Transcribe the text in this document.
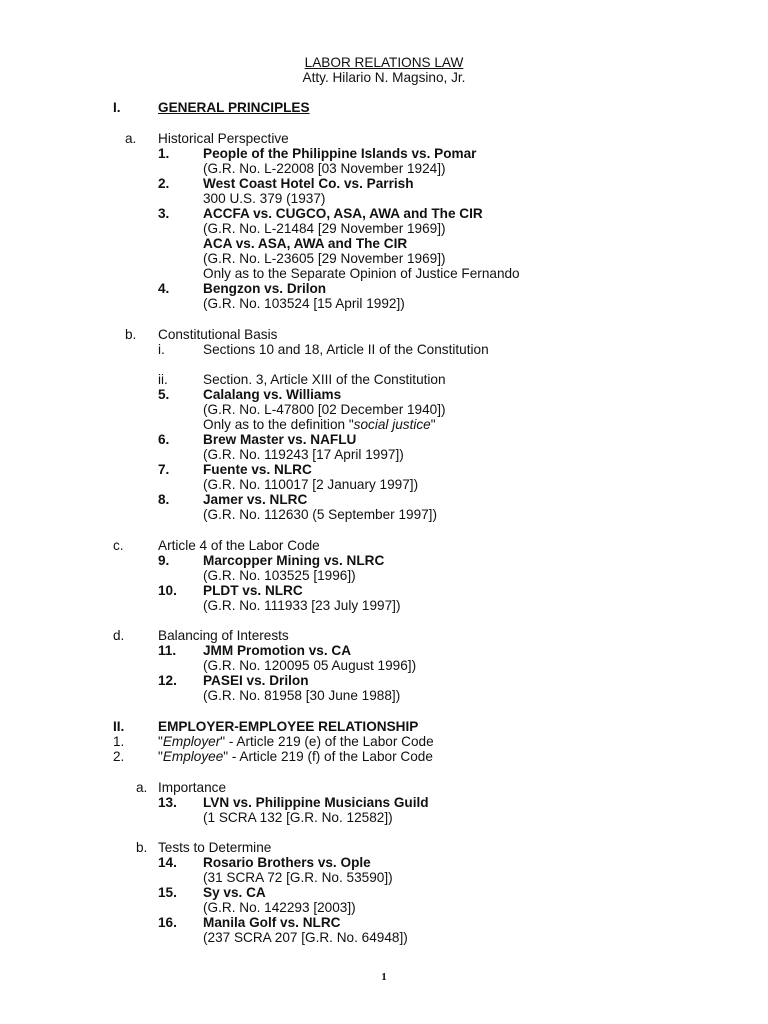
LABOR RELATIONS LAW
Atty. Hilario N. Magsino, Jr.
I.	GENERAL PRINCIPLES
a. Historical Perspective
1. People of the Philippine Islands vs. Pomar
(G.R. No. L-22008 [03 November 1924])
2. West Coast Hotel Co. vs. Parrish
300 U.S. 379 (1937)
3. ACCFA vs. CUGCO, ASA, AWA and The CIR
(G.R. No. L-21484 [29 November 1969])
ACA vs. ASA, AWA and The CIR
(G.R. No. L-23605 [29 November 1969])
Only as to the Separate Opinion of Justice Fernando
4. Bengzon vs. Drilon
(G.R. No. 103524 [15 April 1992])
b. Constitutional Basis
i.	Sections 10 and 18, Article II of the Constitution
ii.	Section. 3, Article XIII of the Constitution
5. Calalang vs. Williams
(G.R. No. L-47800 [02 December 1940])
Only as to the definition "social justice"
6. Brew Master vs. NAFLU
(G.R. No. 119243 [17 April 1997])
7. Fuente vs. NLRC
(G.R. No. 110017 [2 January 1997])
8. Jamer vs. NLRC
(G.R. No. 112630 (5 September 1997])
c.	Article 4 of the Labor Code
9. Marcopper Mining vs. NLRC
(G.R. No. 103525 [1996])
10. PLDT vs. NLRC
(G.R. No. 111933 [23 July 1997])
d. Balancing of Interests
11. JMM Promotion vs. CA
(G.R. No. 120095 05 August 1996])
12. PASEI vs. Drilon
(G.R. No. 81958 [30 June 1988])
II. EMPLOYER-EMPLOYEE RELATIONSHIP
1. "Employer" - Article 219 (e) of the Labor Code
2. "Employee" - Article 219 (f) of the Labor Code
a. Importance
13. LVN vs. Philippine Musicians Guild
(1 SCRA 132 [G.R. No. 12582])
b. Tests to Determine
14. Rosario Brothers vs. Ople
(31 SCRA 72 [G.R. No. 53590])
15. Sy vs. CA
(G.R. No. 142293 [2003])
16. Manila Golf vs. NLRC
(237 SCRA 207 [G.R. No. 64948])
1
